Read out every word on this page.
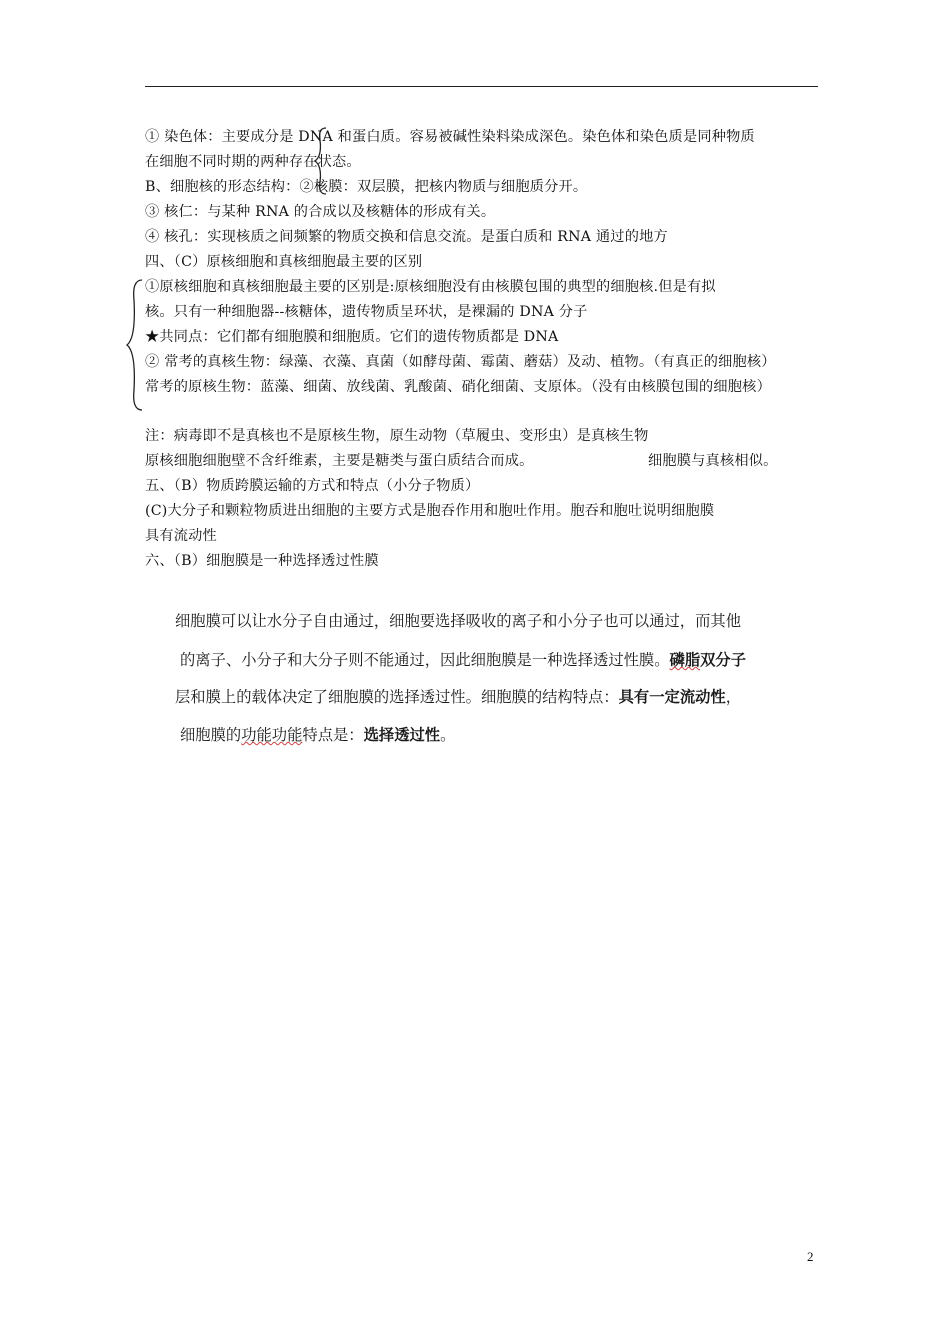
① 染色体：主要成分是 DNA 和蛋白质。容易被碱性染料染成深色。染色体和染色质是同种物质
在细胞不同时期的两种存在状态。
B、细胞核的形态结构：②核膜：双层膜，把核内物质与细胞质分开。
③ 核仁：与某种 RNA 的合成以及核糖体的形成有关。
④ 核孔：实现核质之间频繁的物质交换和信息交流。是蛋白质和 RNA 通过的地方
四、（C）原核细胞和真核细胞最主要的区别
①原核细胞和真核细胞最主要的区别是:原核细胞没有由核膜包围的典型的细胞核.但是有拟
核。只有一种细胞器--核糖体，遗传物质呈环状，是裸漏的 DNA 分子
★共同点：它们都有细胞膜和细胞质。它们的遗传物质都是 DNA
② 常考的真核生物：绿藻、衣藻、真菌（如酵母菌、霉菌、蘑菇）及动、植物。（有真正的细胞核）
常考的原核生物：蓝藻、细菌、放线菌、乳酸菌、硝化细菌、支原体。（没有由核膜包围的细胞核）
注：病毒即不是真核也不是原核生物，原生动物（草履虫、变形虫）是真核生物
原核细胞细胞壁不含纤维素，主要是糖类与蛋白质结合而成。	细胞膜与真核相似。
五、（B）物质跨膜运输的方式和特点（小分子物质）
(C)大分子和颗粒物质进出细胞的主要方式是胞吞作用和胞吐作用。胞吞和胞吐说明细胞膜
具有流动性
六、（B）细胞膜是一种选择透过性膜
细胞膜可以让水分子自由通过，细胞要选择吸收的离子和小分子也可以通过，而其他
的离子、小分子和大分子则不能通过，因此细胞膜是一种选择透过性膜。磷脂双分子
层和膜上的载体决定了细胞膜的选择透过性。细胞膜的结构特点：具有一定流动性，
细胞膜的功能功能特点是：选择透过性。
2
